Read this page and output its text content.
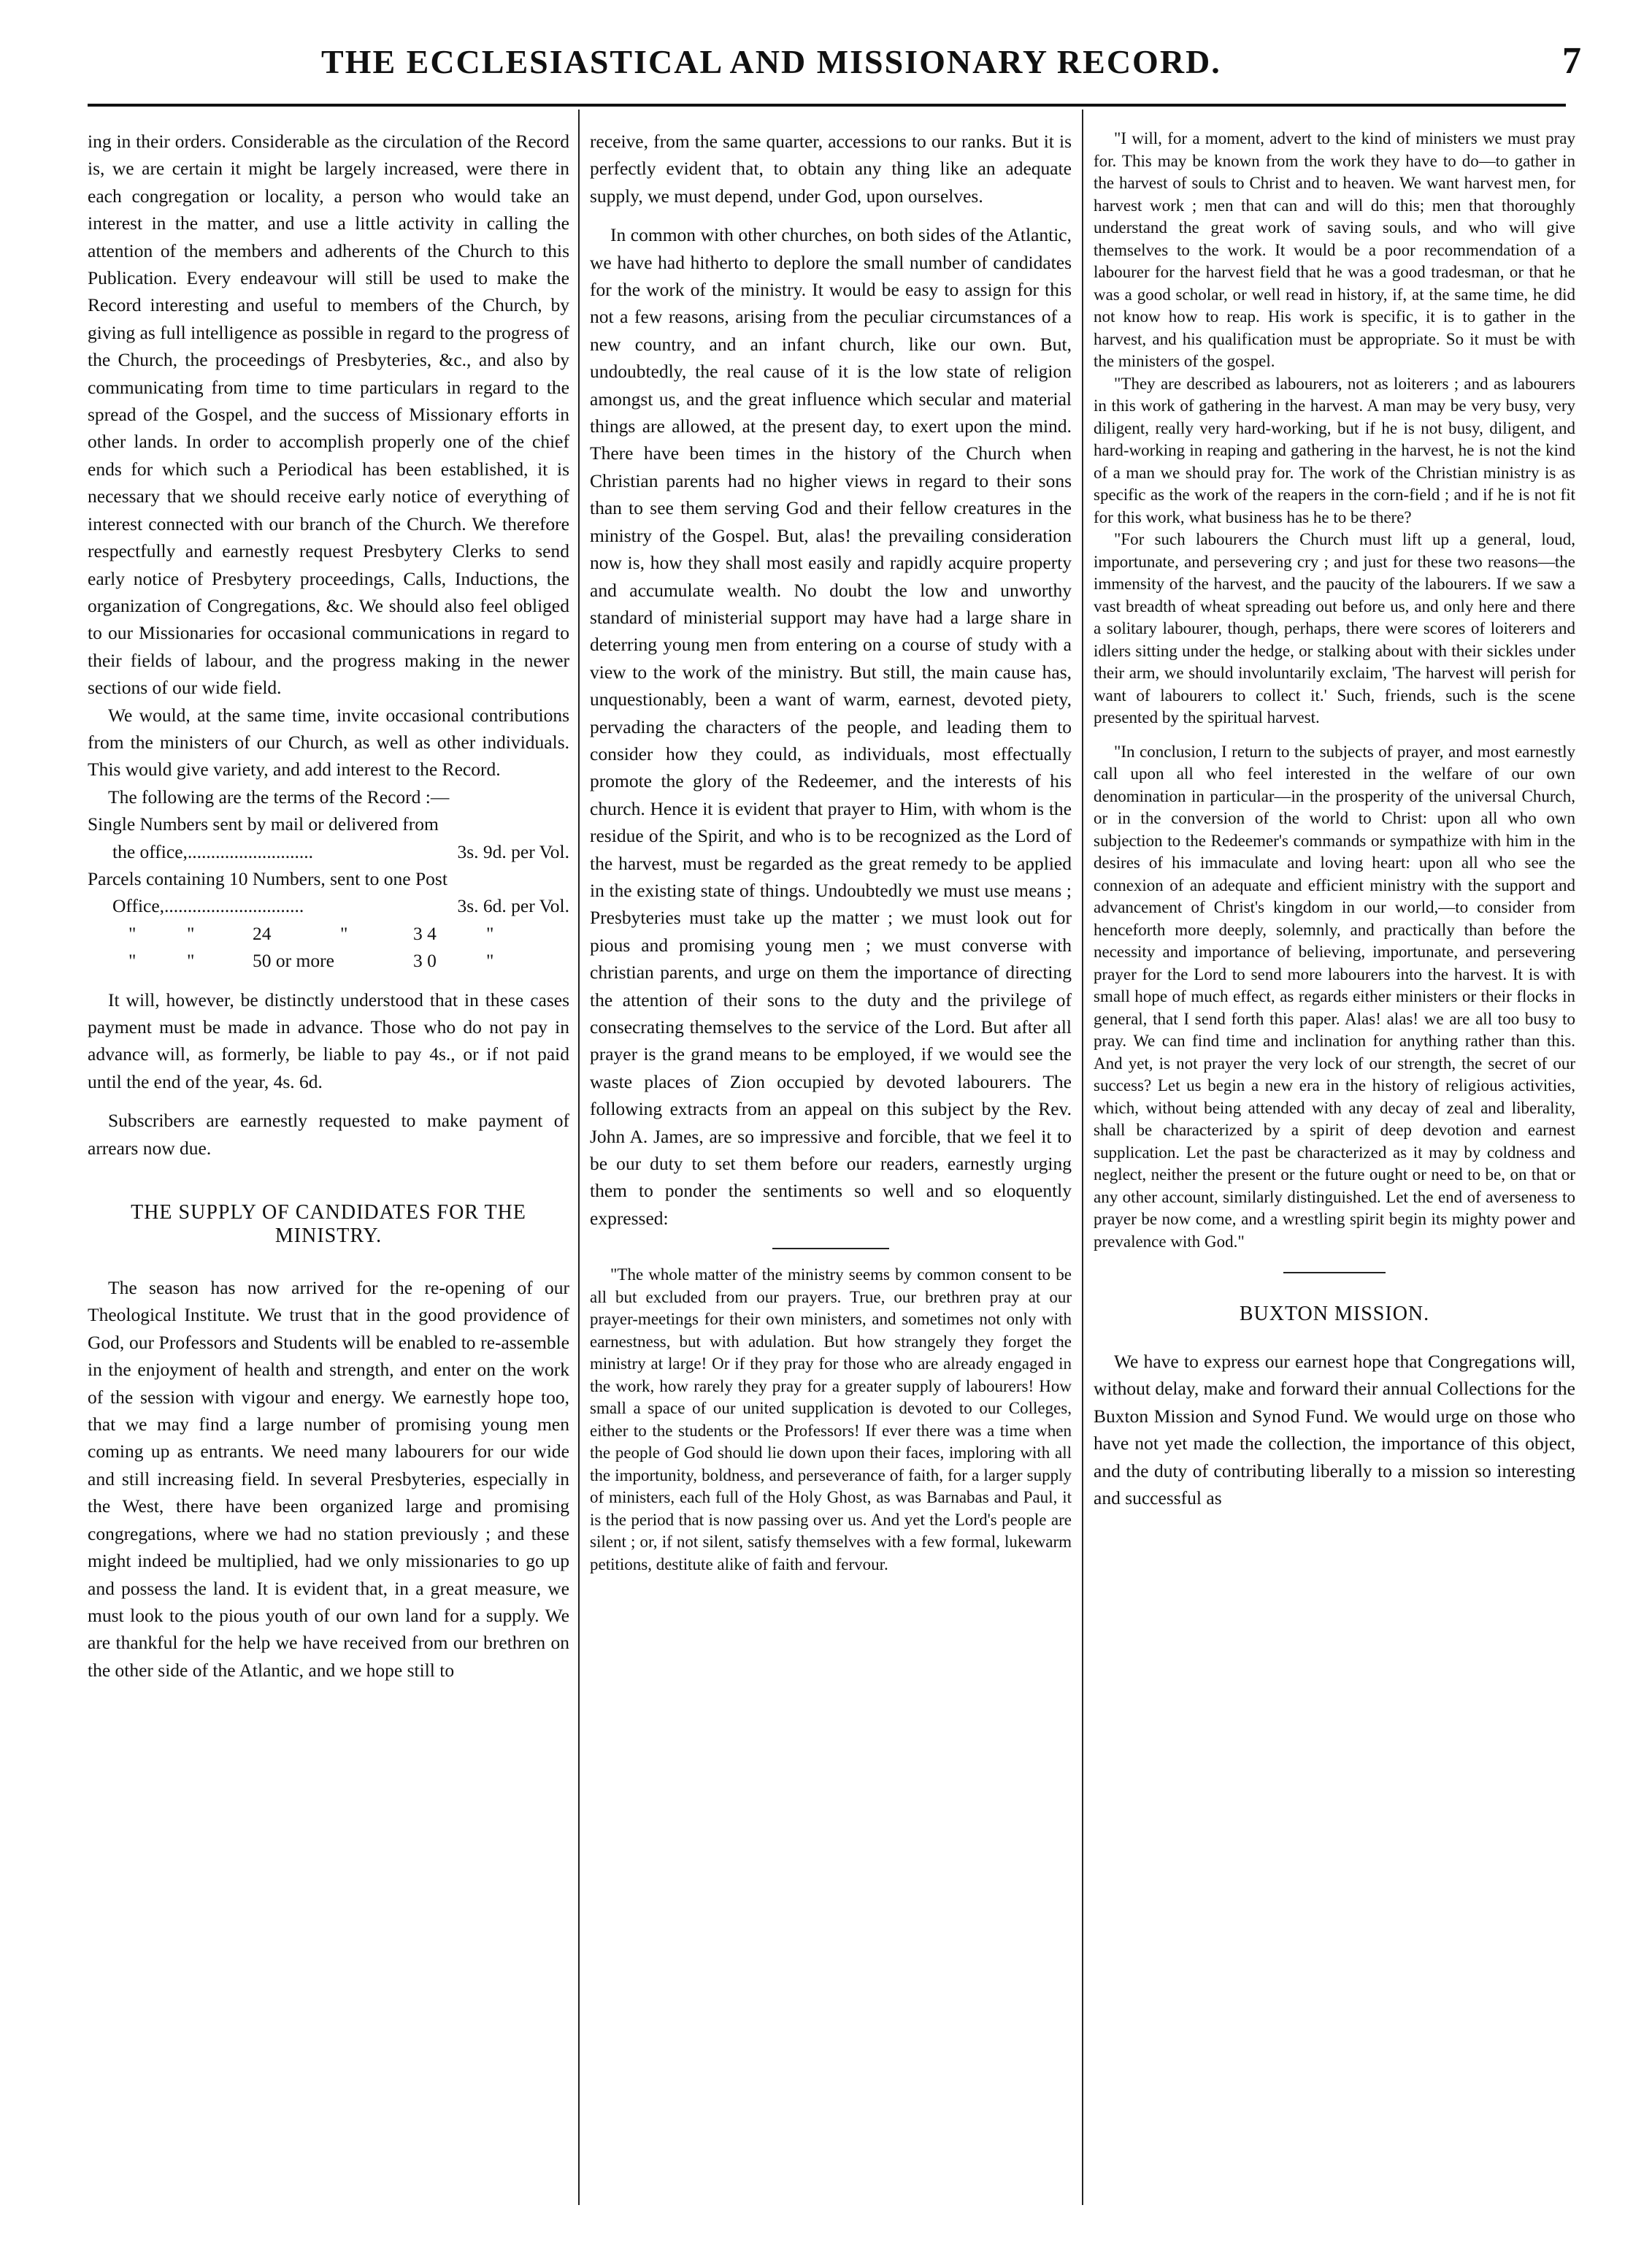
THE ECCLESIASTICAL AND MISSIONARY RECORD.	7

ing in their orders. Considerable as the circulation of the Record is, we are certain it might be largely increased, were there in each congregation or locality, a person who would take an interest in the matter, and use a little activity in calling the attention of the members and adherents of the Church to this Publication. Every endeavour will still be used to make the Record interesting and useful to members of the Church, by giving as full intelligence as possible in regard to the progress of the Church, the proceedings of Presbyteries, &c., and also by communicating from time to time particulars in regard to the spread of the Gospel, and the success of Missionary efforts in other lands. In order to accomplish properly one of the chief ends for which such a Periodical has been established, it is necessary that we should receive early notice of everything of interest connected with our branch of the Church. We therefore respectfully and earnestly request Presbytery Clerks to send early notice of Presbytery proceedings, Calls, Inductions, the organization of Congregations, &c. We should also feel obliged to our Missionaries for occasional communications in regard to their fields of labour, and the progress making in the newer sections of our wide field.

We would, at the same time, invite occasional contributions from the ministers of our Church, as well as other individuals. This would give variety, and add interest to the Record.

The following are the terms of the Record :—

Single Numbers sent by mail or delivered from
the office,...........................	3s. 9d. per Vol.
Parcels containing 10 Numbers, sent to one Post
Office,..............................	3s. 6d. per Vol.
"	"	24	"	3 4	"
"	"	50 or more	3 0	"

It will, however, be distinctly understood that in these cases payment must be made in advance. Those who do not pay in advance will, as formerly, be liable to pay 4s., or if not paid until the end of the year, 4s. 6d.

Subscribers are earnestly requested to make payment of arrears now due.

THE SUPPLY OF CANDIDATES FOR THE MINISTRY.

The season has now arrived for the re-opening of our Theological Institute. We trust that in the good providence of God, our Professors and Students will be enabled to re-assemble in the enjoyment of health and strength, and enter on the work of the session with vigour and energy. We earnestly hope too, that we may find a large number of promising young men coming up as entrants. We need many labourers for our wide and still increasing field. In several Presbyteries, especially in the West, there have been organized large and promising congregations, where we had no station previously ; and these might indeed be multiplied, had we only missionaries to go up and possess the land. It is evident that, in a great measure, we must look to the pious youth of our own land for a supply. We are thankful for the help we have received from our brethren on the other side of the Atlantic, and we hope still to

receive, from the same quarter, accessions to our ranks. But it is perfectly evident that, to obtain any thing like an adequate supply, we must depend, under God, upon ourselves.

In common with other churches, on both sides of the Atlantic, we have had hitherto to deplore the small number of candidates for the work of the ministry. It would be easy to assign for this not a few reasons, arising from the peculiar circumstances of a new country, and an infant church, like our own. But, undoubtedly, the real cause of it is the low state of religion amongst us, and the great influence which secular and material things are allowed, at the present day, to exert upon the mind. There have been times in the history of the Church when Christian parents had no higher views in regard to their sons than to see them serving God and their fellow creatures in the ministry of the Gospel. But, alas! the prevailing consideration now is, how they shall most easily and rapidly acquire property and accumulate wealth. No doubt the low and unworthy standard of ministerial support may have had a large share in deterring young men from entering on a course of study with a view to the work of the ministry. But still, the main cause has, unquestionably, been a want of warm, earnest, devoted piety, pervading the characters of the people, and leading them to consider how they could, as individuals, most effectually promote the glory of the Redeemer, and the interests of his church. Hence it is evident that prayer to Him, with whom is the residue of the Spirit, and who is to be recognized as the Lord of the harvest, must be regarded as the great remedy to be applied in the existing state of things. Undoubtedly we must use means ; Presbyteries must take up the matter ; we must look out for pious and promising young men ; we must converse with christian parents, and urge on them the importance of directing the attention of their sons to the duty and the privilege of consecrating themselves to the service of the Lord. But after all prayer is the grand means to be employed, if we would see the waste places of Zion occupied by devoted labourers. The following extracts from an appeal on this subject by the Rev. John A. James, are so impressive and forcible, that we feel it to be our duty to set them before our readers, earnestly urging them to ponder the sentiments so well and so eloquently expressed:

"The whole matter of the ministry seems by common consent to be all but excluded from our prayers. True, our brethren pray at our prayer-meetings for their own ministers, and sometimes not only with earnestness, but with adulation. But how strangely they forget the ministry at large! Or if they pray for those who are already engaged in the work, how rarely they pray for a greater supply of labourers! How small a space of our united supplication is devoted to our Colleges, either to the students or the Professors! If ever there was a time when the people of God should lie down upon their faces, imploring with all the importunity, boldness, and perseverance of faith, for a larger supply of ministers, each full of the Holy Ghost, as was Barnabas and Paul, it is the period that is now passing over us. And yet the Lord's people are silent ; or, if not silent, satisfy themselves with a few formal, lukewarm petitions, destitute alike of faith and fervour.

"I will, for a moment, advert to the kind of ministers we must pray for. This may be known from the work they have to do—to gather in the harvest of souls to Christ and to heaven. We want harvest men, for harvest work ; men that can and will do this; men that thoroughly understand the great work of saving souls, and who will give themselves to the work. It would be a poor recommendation of a labourer for the harvest field that he was a good tradesman, or that he was a good scholar, or well read in history, if, at the same time, he did not know how to reap. His work is specific, it is to gather in the harvest, and his qualification must be appropriate. So it must be with the ministers of the gospel.

"They are described as labourers, not as loiterers ; and as labourers in this work of gathering in the harvest. A man may be very busy, very diligent, really very hard-working, but if he is not busy, diligent, and hard-working in reaping and gathering in the harvest, he is not the kind of a man we should pray for. The work of the Christian ministry is as specific as the work of the reapers in the corn-field ; and if he is not fit for this work, what business has he to be there?

"For such labourers the Church must lift up a general, loud, importunate, and persevering cry ; and just for these two reasons—the immensity of the harvest, and the paucity of the labourers. If we saw a vast breadth of wheat spreading out before us, and only here and there a solitary labourer, though, perhaps, there were scores of loiterers and idlers sitting under the hedge, or stalking about with their sickles under their arm, we should involuntarily exclaim, 'The harvest will perish for want of labourers to collect it.' Such, friends, such is the scene presented by the spiritual harvest.

"In conclusion, I return to the subjects of prayer, and most earnestly call upon all who feel interested in the welfare of our own denomination in particular—in the prosperity of the universal Church, or in the conversion of the world to Christ: upon all who own subjection to the Redeemer's commands or sympathize with him in the desires of his immaculate and loving heart: upon all who see the connexion of an adequate and efficient ministry with the support and advancement of Christ's kingdom in our world,—to consider from henceforth more deeply, solemnly, and practically than before the necessity and importance of believing, importunate, and persevering prayer for the Lord to send more labourers into the harvest. It is with small hope of much effect, as regards either ministers or their flocks in general, that I send forth this paper. Alas! alas! we are all too busy to pray. We can find time and inclination for anything rather than this. And yet, is not prayer the very lock of our strength, the secret of our success? Let us begin a new era in the history of religious activities, which, without being attended with any decay of zeal and liberality, shall be characterized by a spirit of deep devotion and earnest supplication. Let the past be characterized as it may by coldness and neglect, neither the present or the future ought or need to be, on that or any other account, similarly distinguished. Let the end of averseness to prayer be now come, and a wrestling spirit begin its mighty power and prevalence with God."

BUXTON MISSION.

We have to express our earnest hope that Congregations will, without delay, make and forward their annual Collections for the Buxton Mission and Synod Fund. We would urge on those who have not yet made the collection, the importance of this object, and the duty of contributing liberally to a mission so interesting and successful as
